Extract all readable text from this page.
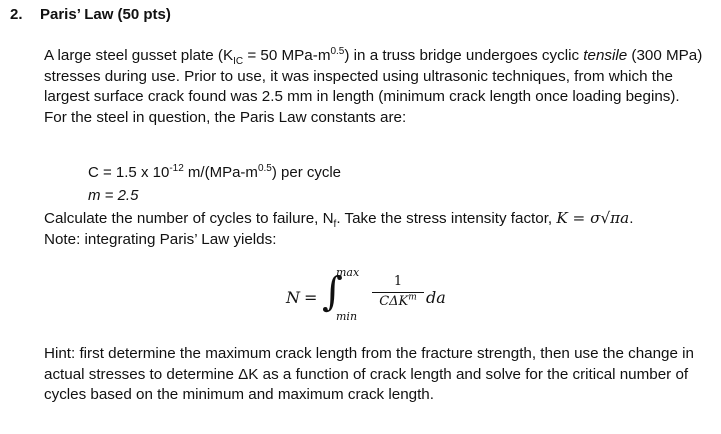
2. Paris’ Law (50 pts)
A large steel gusset plate ($K_{IC} = 50$ MPa-$m^{0.5}$) in a truss bridge undergoes cyclic tensile (300 MPa) stresses during use. Prior to use, it was inspected using ultrasonic techniques, from which the largest surface crack found was 2.5 mm in length (minimum crack length once loading begins). For the steel in question, the Paris Law constants are:
C = 1.5 x $10^{-12}$ $m/(MPa-m^{0.5})$ per cycle
m = 2.5
Calculate the number of cycles to failure, $N_f$. Take the stress intensity factor, K = σ√πa.
Note: integrating Paris’ Law yields:
N = ∫
max
min
1
CΔK$^m$ da
Hint: first determine the maximum crack length from the fracture strength, then use the change in actual stresses to determine ΔK as a function of crack length and solve for the critical number of cycles based on the minimum and maximum crack length.
